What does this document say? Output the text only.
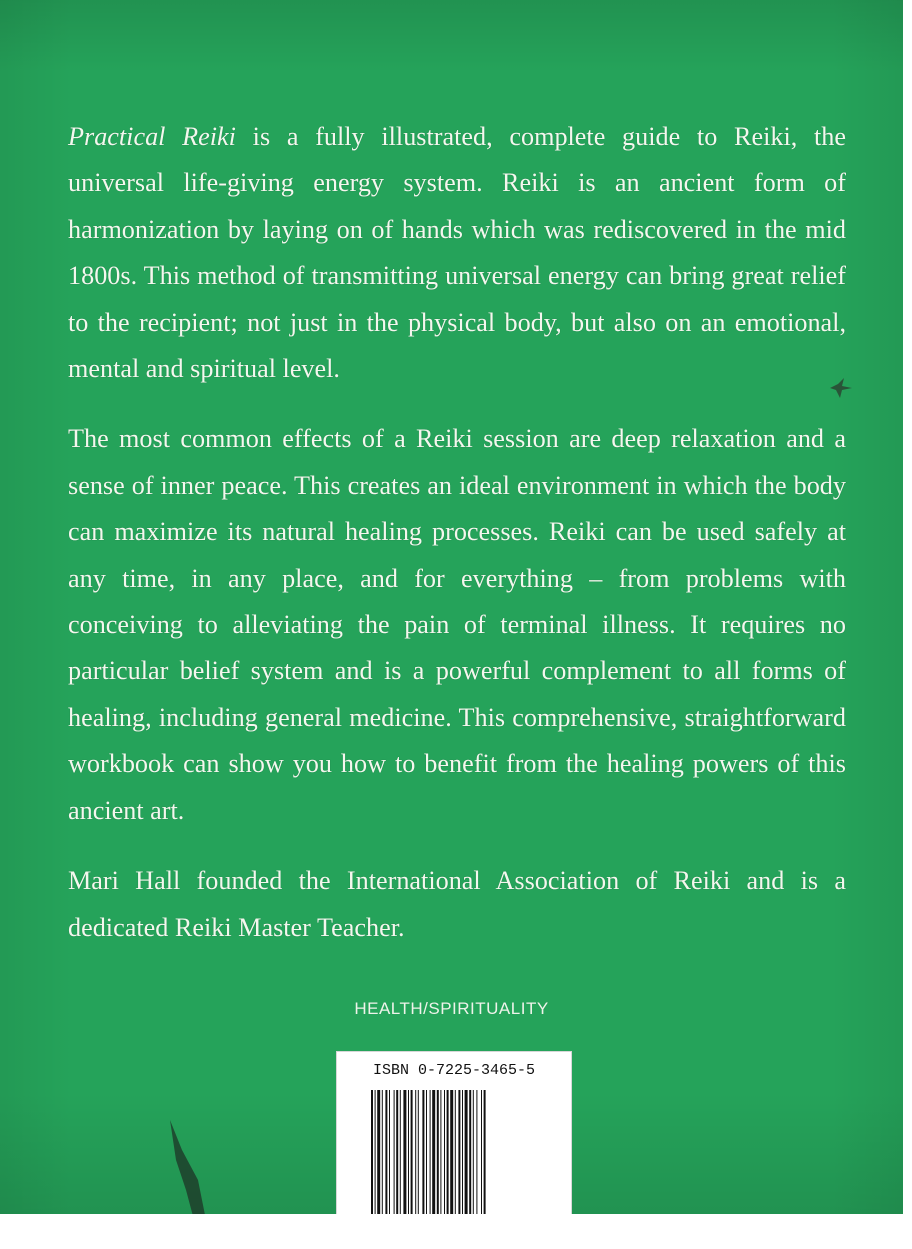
Practical Reiki is a fully illustrated, complete guide to Reiki, the universal life-giving energy system. Reiki is an ancient form of harmonization by laying on of hands which was rediscovered in the mid 1800s. This method of transmitting universal energy can bring great relief to the recipient; not just in the physical body, but also on an emotional, mental and spiritual level.

The most common effects of a Reiki session are deep relaxation and a sense of inner peace. This creates an ideal environment in which the body can maximize its natural healing processes. Reiki can be used safely at any time, in any place, and for everything – from problems with conceiving to alleviating the pain of terminal illness. It requires no particular belief system and is a powerful complement to all forms of healing, including general medicine. This comprehensive, straightforward workbook can show you how to benefit from the healing powers of this ancient art.

Mari Hall founded the International Association of Reiki and is a dedicated Reiki Master Teacher.

HEALTH/SPIRITUALITY
ISBN 0-7225-3465-5
